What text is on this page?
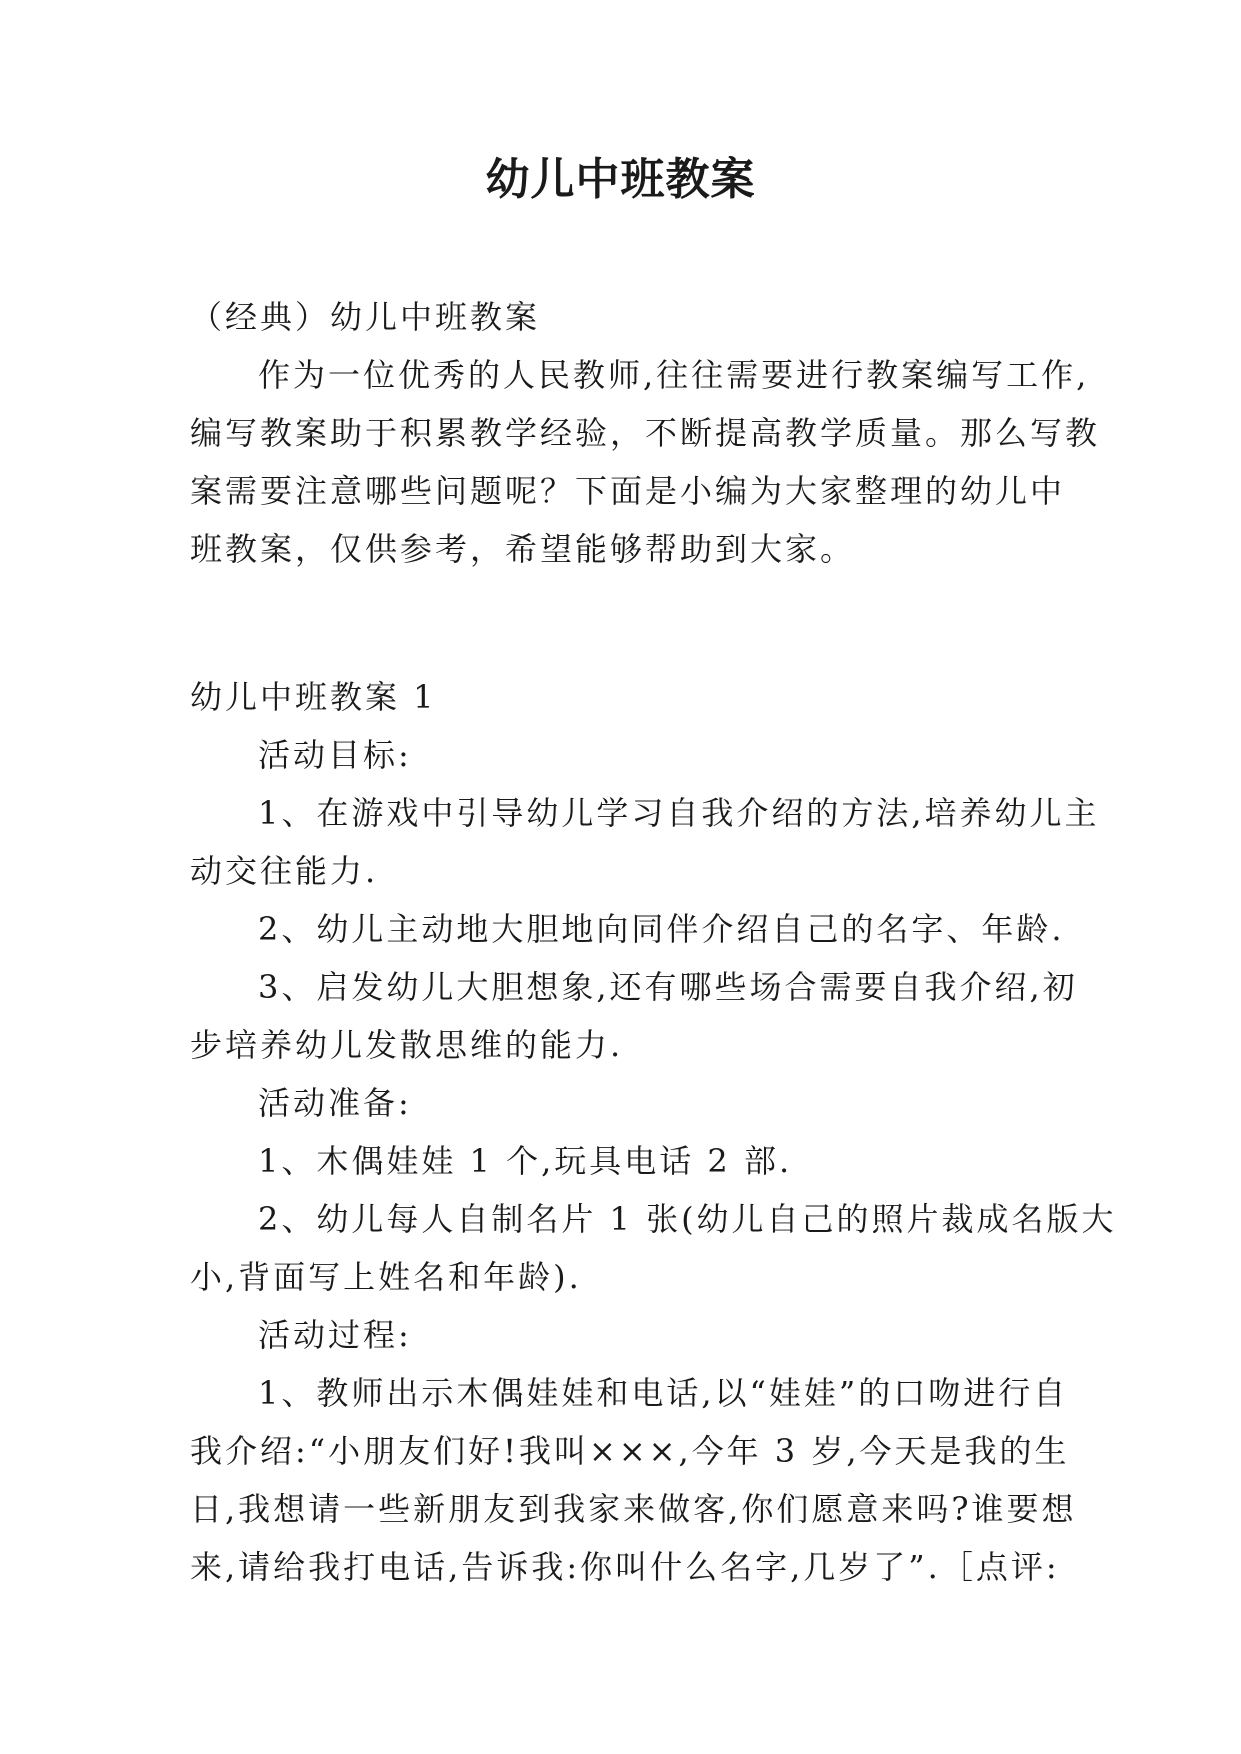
幼儿中班教案

（经典）幼儿中班教案

作为一位优秀的人民教师,往往需要进行教案编写工作,

编写教案助于积累教学经验，不断提高教学质量。那么写教

案需要注意哪些问题呢？下面是小编为大家整理的幼儿中

班教案，仅供参考，希望能够帮助到大家。

幼儿中班教案 1

活动目标:

1、在游戏中引导幼儿学习自我介绍的方法,培养幼儿主

动交往能力.

2、幼儿主动地大胆地向同伴介绍自己的名字、年龄.

3、启发幼儿大胆想象,还有哪些场合需要自我介绍,初

步培养幼儿发散思维的能力.

活动准备:

1、木偶娃娃 1 个,玩具电话 2 部.

2、幼儿每人自制名片 1 张(幼儿自己的照片裁成名版大

小,背面写上姓名和年龄).

活动过程:

1、教师出示木偶娃娃和电话,以“娃娃”的口吻进行自

我介绍:“小朋友们好!我叫×××,今年 3 岁,今天是我的生

日,我想请一些新朋友到我家来做客,你们愿意来吗?谁要想

来,请给我打电话,告诉我:你叫什么名字,几岁了”.［点评:
